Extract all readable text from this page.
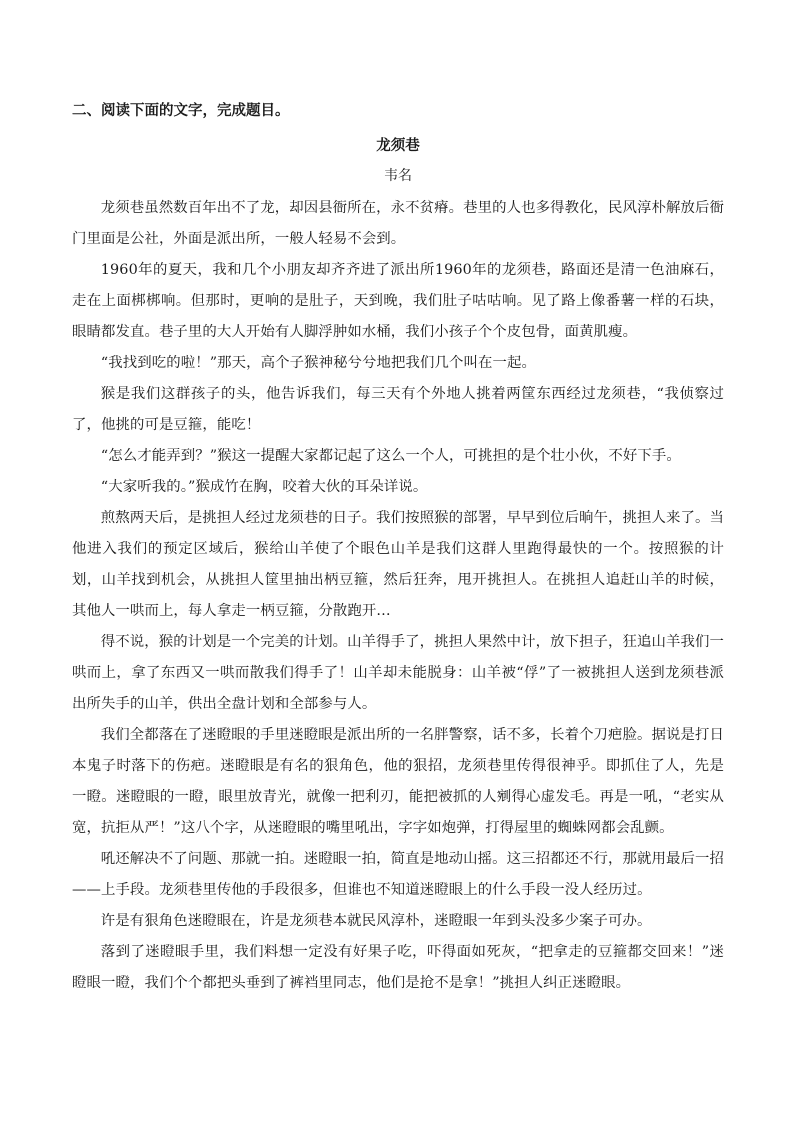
二、阅读下面的文字，完成题目。

龙须巷

韦名

龙须巷虽然数百年出不了龙，却因县衙所在，永不贫瘠。巷里的人也多得教化，民风淳朴解放后衙门里面是公社，外面是派出所，一般人轻易不会到。

1960年的夏天，我和几个小朋友却齐齐进了派出所1960年的龙须巷，路面还是清一色油麻石，走在上面梆梆响。但那时，更响的是肚子，天到晚，我们肚子咕咕响。见了路上像番薯一样的石块，眼睛都发直。巷子里的大人开始有人脚浮肿如水桶，我们小孩子个个皮包骨，面黄肌瘦。

“我找到吃的啦！”那天，高个子猴神秘兮兮地把我们几个叫在一起。

猴是我们这群孩子的头，他告诉我们，每三天有个外地人挑着两筐东西经过龙须巷，“我侦察过了，他挑的可是豆箍，能吃！

“怎么才能弄到？”猴这一提醒大家都记起了这么一个人，可挑担的是个壮小伙，不好下手。

“大家听我的。”猴成竹在胸，咬着大伙的耳朵详说。

煎熬两天后，是挑担人经过龙须巷的日子。我们按照猴的部署，早早到位后晌午，挑担人来了。当他进入我们的预定区域后，猴给山羊使了个眼色山羊是我们这群人里跑得最快的一个。按照猴的计划，山羊找到机会，从挑担人筐里抽出柄豆箍，然后狂奔，甩开挑担人。在挑担人追赶山羊的时候，其他人一哄而上，每人拿走一柄豆箍，分散跑开…

得不说，猴的计划是一个完美的计划。山羊得手了，挑担人果然中计，放下担子，狂追山羊我们一哄而上，拿了东西又一哄而散我们得手了！山羊却未能脱身：山羊被“俘”了一被挑担人送到龙须巷派出所失手的山羊，供出全盘计划和全部参与人。

我们全都落在了迷瞪眼的手里迷瞪眼是派出所的一名胖警察，话不多，长着个刀疤脸。据说是打日本鬼子时落下的伤疤。迷瞪眼是有名的狠角色，他的狠招，龙须巷里传得很神乎。即抓住了人，先是一瞪。迷瞪眼的一瞪，眼里放青光，就像一把利刃，能把被抓的人剜得心虚发毛。再是一吼，“老实从宽，抗拒从严！”这八个字，从迷瞪眼的嘴里吼出，字字如炮弹，打得屋里的蜘蛛网都会乱颤。

吼还解决不了问题、那就一拍。迷瞪眼一拍，简直是地动山摇。这三招都还不行，那就用最后一招——上手段。龙须巷里传他的手段很多，但谁也不知道迷瞪眼上的什么手段一没人经历过。

许是有狠角色迷瞪眼在，许是龙须巷本就民风淳朴，迷瞪眼一年到头没多少案子可办。

落到了迷瞪眼手里，我们料想一定没有好果子吃，吓得面如死灰，“把拿走的豆箍都交回来！”迷瞪眼一瞪，我们个个都把头垂到了裤裆里同志，他们是抢不是拿！”挑担人纠正迷瞪眼。
